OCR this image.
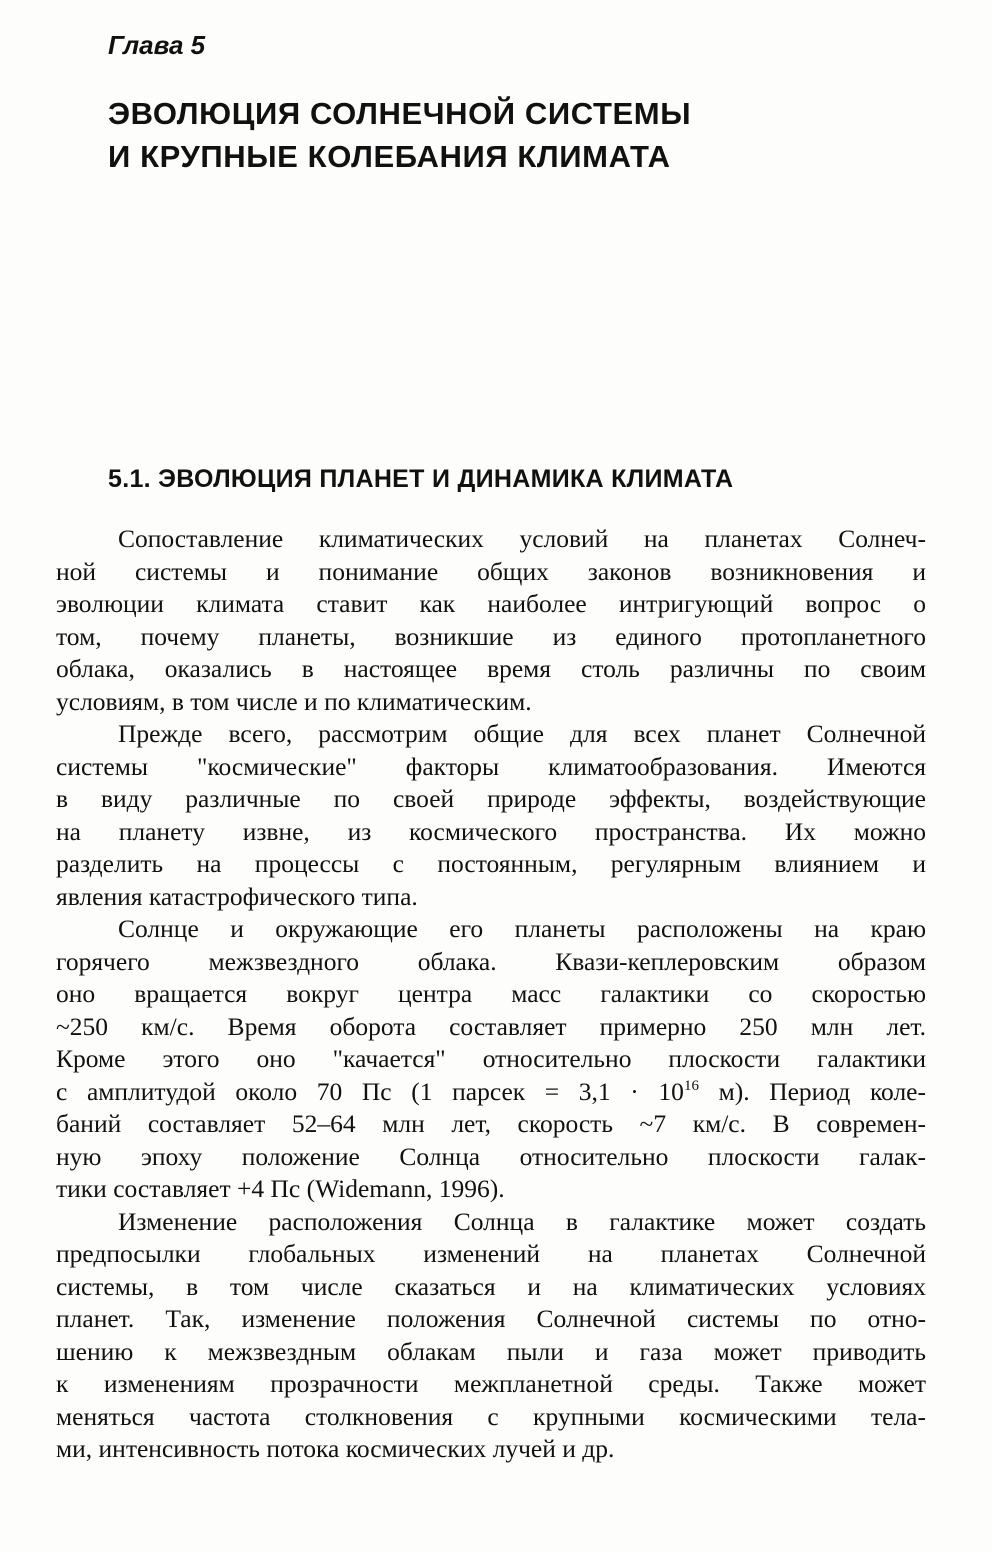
Глава 5
ЭВОЛЮЦИЯ СОЛНЕЧНОЙ СИСТЕМЫ
И КРУПНЫЕ КОЛЕБАНИЯ КЛИМАТА
5.1. ЭВОЛЮЦИЯ ПЛАНЕТ И ДИНАМИКА КЛИМАТА

Сопоставление климатических условий на планетах Солнеч-
ной системы и понимание общих законов возникновения и
эволюции климата ставит как наиболее интригующий вопрос о
том, почему планеты, возникшие из единого протопланетного
облака, оказались в настоящее время столь различны по своим
условиям, в том числе и по климатическим.

Прежде всего, рассмотрим общие для всех планет Солнечной
системы "космические" факторы климатообразования. Имеются
в виду различные по своей природе эффекты, воздействующие
на планету извне, из космического пространства. Их можно
разделить на процессы с постоянным, регулярным влиянием и
явления катастрофического типа.

Солнце и окружающие его планеты расположены на краю
горячего межзвездного облака. Квази-кеплеровским образом
оно вращается вокруг центра масс галактики со скоростью
~250 км/с. Время оборота составляет примерно 250 млн лет.
Кроме этого оно "качается" относительно плоскости галактики
с амплитудой около 70 Пс (1 парсек = $3,1 \cdot 10^{16}$ м). Период коле-
баний составляет 52–64 млн лет, скорость ~7 км/с. В современ-
ную эпоху положение Солнца относительно плоскости галак-
тики составляет +4 Пс (Widemann, 1996).

Изменение расположения Солнца в галактике может создать
предпосылки глобальных изменений на планетах Солнечной
системы, в том числе сказаться и на климатических условиях
планет. Так, изменение положения Солнечной системы по отно-
шению к межзвездным облакам пыли и газа может приводить
к изменениям прозрачности межпланетной среды. Также может
меняться частота столкновения с крупными космическими тела-
ми, интенсивность потока космических лучей и др.
